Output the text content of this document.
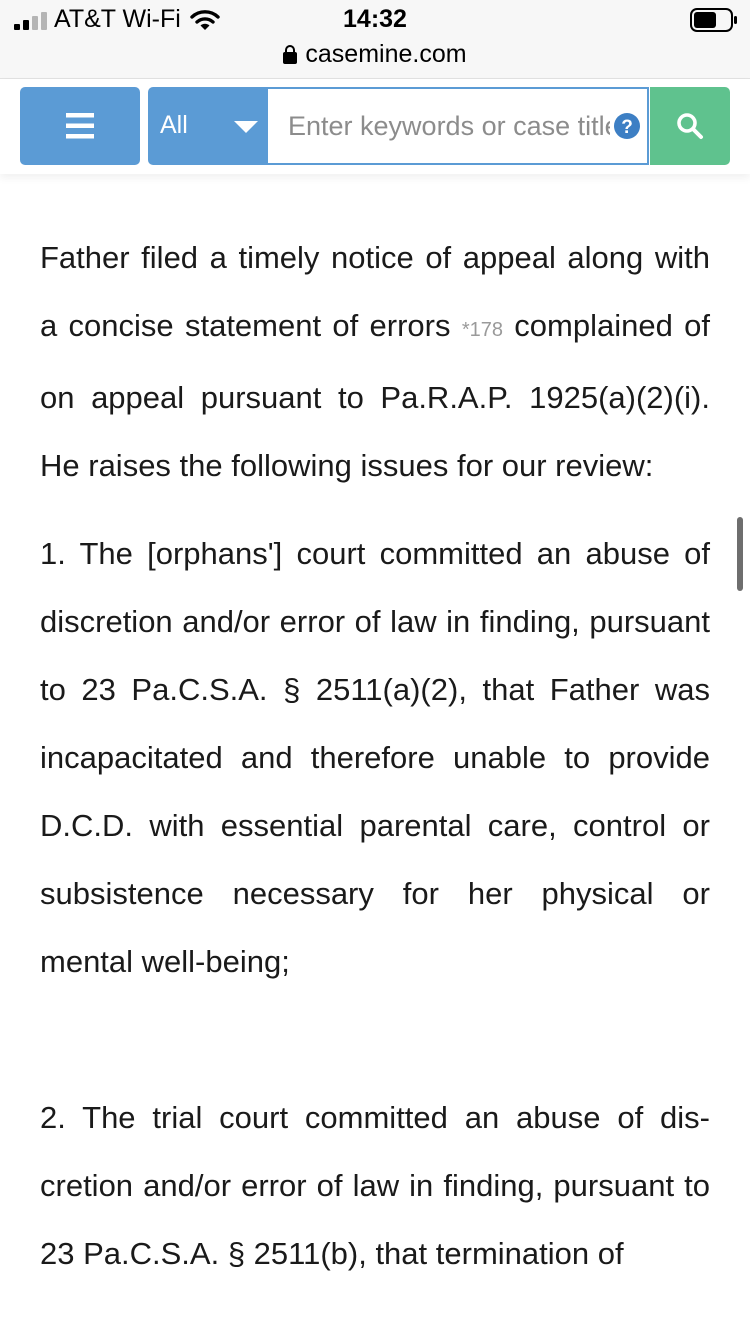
AT&T Wi-Fi	14:32
casemine.com
All
Enter keywords or case title	?

Father filed a timely notice of appeal along with a concise statement of errors *178 complained of on appeal pursuant to Pa.R.A.P. 1925(a)(2)(i). He raises the following issues for our review:

1. The [orphans'] court committed an abuse of discretion and/or error of law in finding, pursuant to 23 Pa.C.S.A. § 2511(a)(2), that Father was incapacitated and therefore unable to provide D.C.D. with essential parental care, control or subsistence necessary for her physical or mental well-being;

2. The trial court committed an abuse of discretion and/or error of law in finding, pursuant to 23 Pa.C.S.A. § 2511(b), that termination of
